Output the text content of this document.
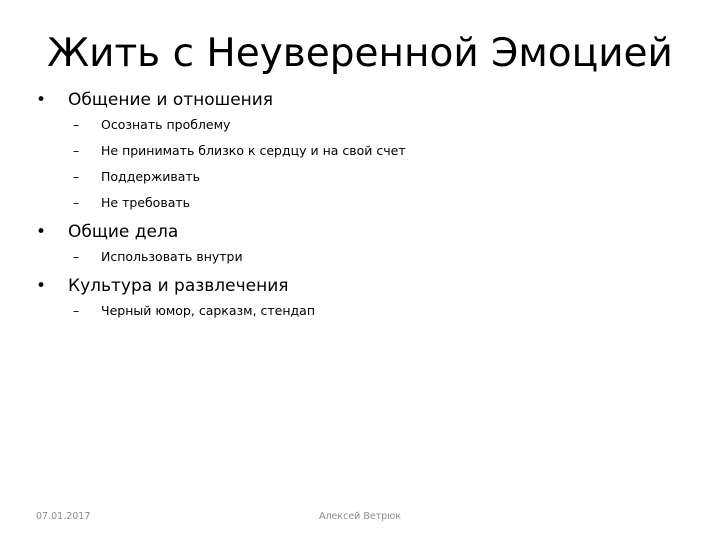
Жить с Неуверенной Эмоцией
• Общение и отношения
– Осознать проблему
– Не принимать близко к сердцу и на свой счет
– Поддерживать
– Не требовать
• Общие дела
– Использовать внутри
• Культура и развлечения
– Черный юмор, сарказм, стендап
07.01.2017	Алексей Ветрюк
